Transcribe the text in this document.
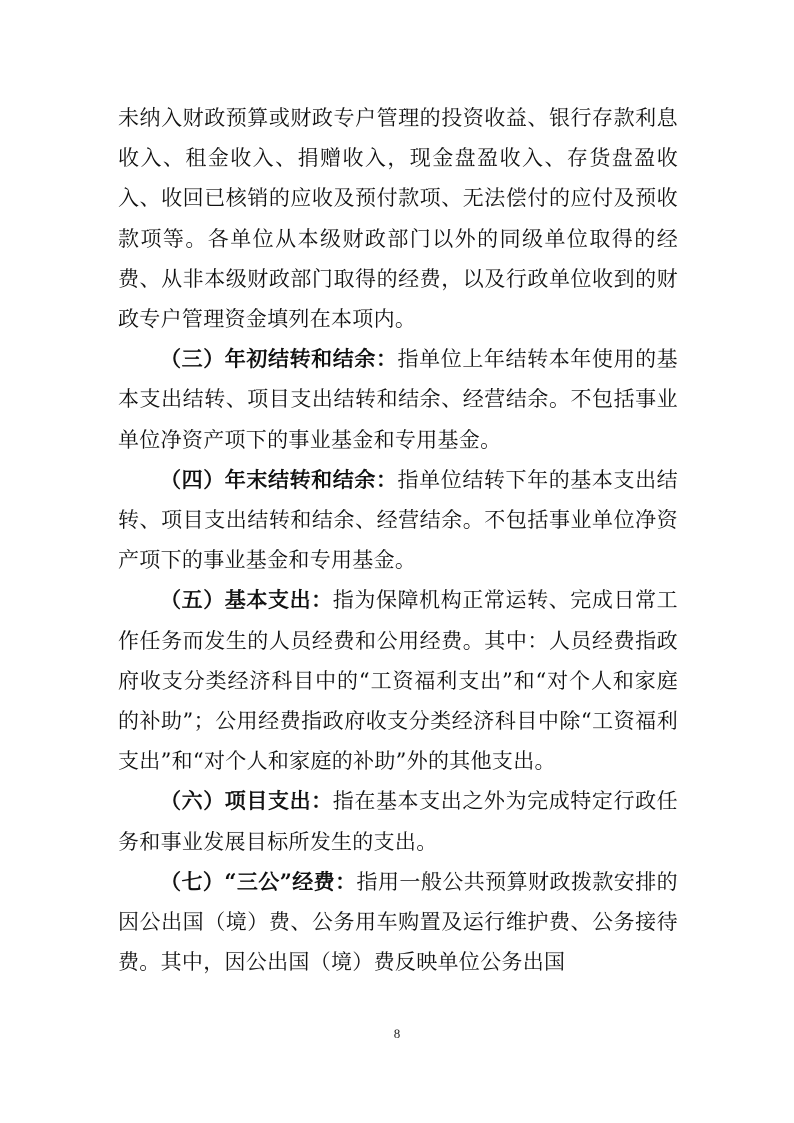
未纳入财政预算或财政专户管理的投资收益、银行存款利息收入、租金收入、捐赠收入，现金盘盈收入、存货盘盈收入、收回已核销的应收及预付款项、无法偿付的应付及预收款项等。各单位从本级财政部门以外的同级单位取得的经费、从非本级财政部门取得的经费，以及行政单位收到的财政专户管理资金填列在本项内。

（三）年初结转和结余：指单位上年结转本年使用的基本支出结转、项目支出结转和结余、经营结余。不包括事业单位净资产项下的事业基金和专用基金。

（四）年末结转和结余：指单位结转下年的基本支出结转、项目支出结转和结余、经营结余。不包括事业单位净资产项下的事业基金和专用基金。

（五）基本支出：指为保障机构正常运转、完成日常工作任务而发生的人员经费和公用经费。其中：人员经费指政府收支分类经济科目中的“工资福利支出”和“对个人和家庭的补助”；公用经费指政府收支分类经济科目中除“工资福利支出”和“对个人和家庭的补助”外的其他支出。

（六）项目支出：指在基本支出之外为完成特定行政任务和事业发展目标所发生的支出。

（七）“三公”经费：指用一般公共预算财政拨款安排的因公出国（境）费、公务用车购置及运行维护费、公务接待费。其中，因公出国（境）费反映单位公务出国

8
